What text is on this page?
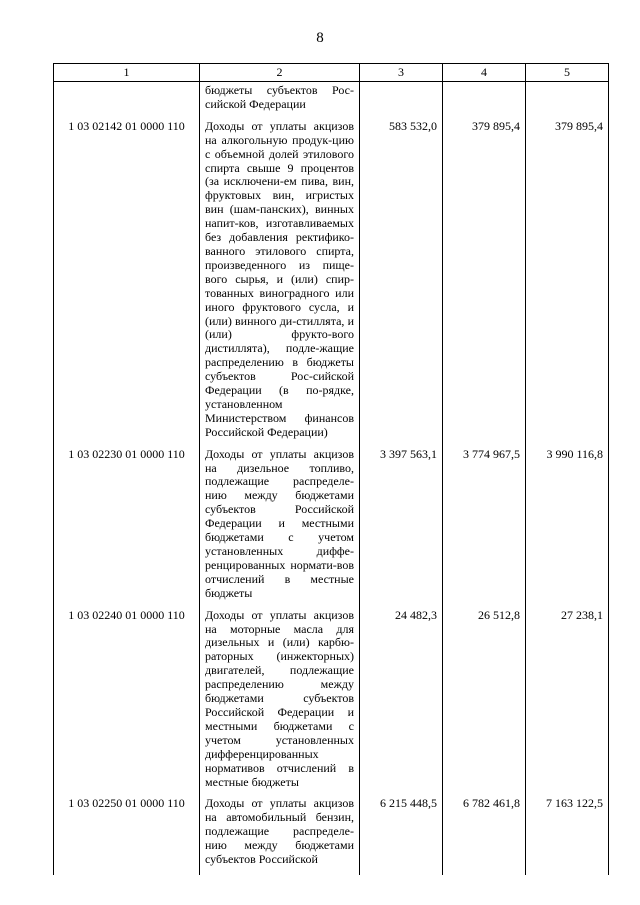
8
1	2	3	4	5
	бюджеты субъектов Рос-сийской Федерации			
1 03 02142 01 0000 110	Доходы от уплаты акцизов на алкогольную продук-цию с объемной долей этилового спирта свыше 9 процентов (за исключени-ем пива, вин, фруктовых вин, игристых вин (шам-панских), винных напит-ков, изготавливаемых без добавления ректифико-ванного этилового спирта, произведенного из пище-вого сырья, и (или) спир-тованных виноградного или иного фруктового сусла, и (или) винного ди-стиллята, и (или) фрукто-вого дистиллята), подле-жащие распределению в бюджеты субъектов Рос-сийской Федерации (в по-рядке, установленном Министерством финансов Российской Федерации)	583 532,0	379 895,4	379 895,4
1 03 02230 01 0000 110	Доходы от уплаты акцизов на дизельное топливо, подлежащие распределе-нию между бюджетами субъектов Российской Федерации и местными бюджетами с учетом установленных диффе-ренцированных нормати-вов отчислений в местные бюджеты	3 397 563,1	3 774 967,5	3 990 116,8
1 03 02240 01 0000 110	Доходы от уплаты акцизов на моторные масла для дизельных и (или) карбю-раторных (инжекторных) двигателей, подлежащие распределению между бюджетами субъектов Российской Федерации и местными бюджетами с учетом установленных дифференцированных нормативов отчислений в местные бюджеты	24 482,3	26 512,8	27 238,1
1 03 02250 01 0000 110	Доходы от уплаты акцизов на автомобильный бензин, подлежащие распределе-нию между бюджетами субъектов Российской	6 215 448,5	6 782 461,8	7 163 122,5
